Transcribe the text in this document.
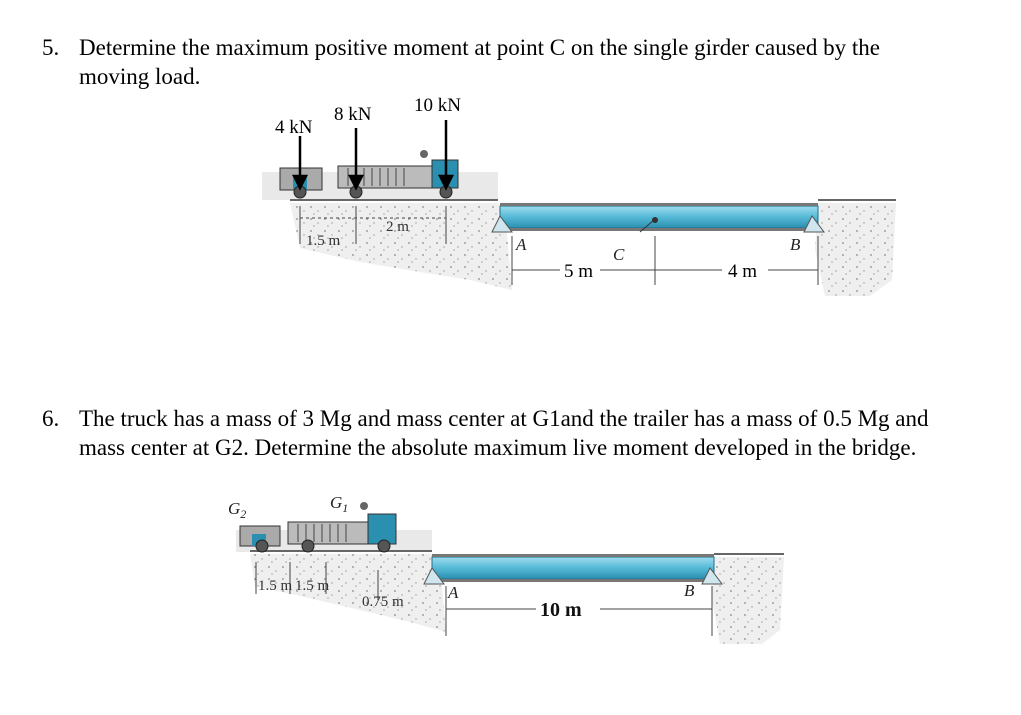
5. Determine the maximum positive moment at point C on the single girder caused by the moving load.
4 kN
8 kN 10 kN
1.5 m
2 m
A
C
B
5 m	4 m
6. The truck has a mass of 3 Mg and mass center at G1and the trailer has a mass of 0.5 Mg and mass center at G2. Determine the absolute maximum live moment developed in the bridge.
$G_2$
$G_1$
1.5 m 1.5 m
0.75 m	A	B
10 m
